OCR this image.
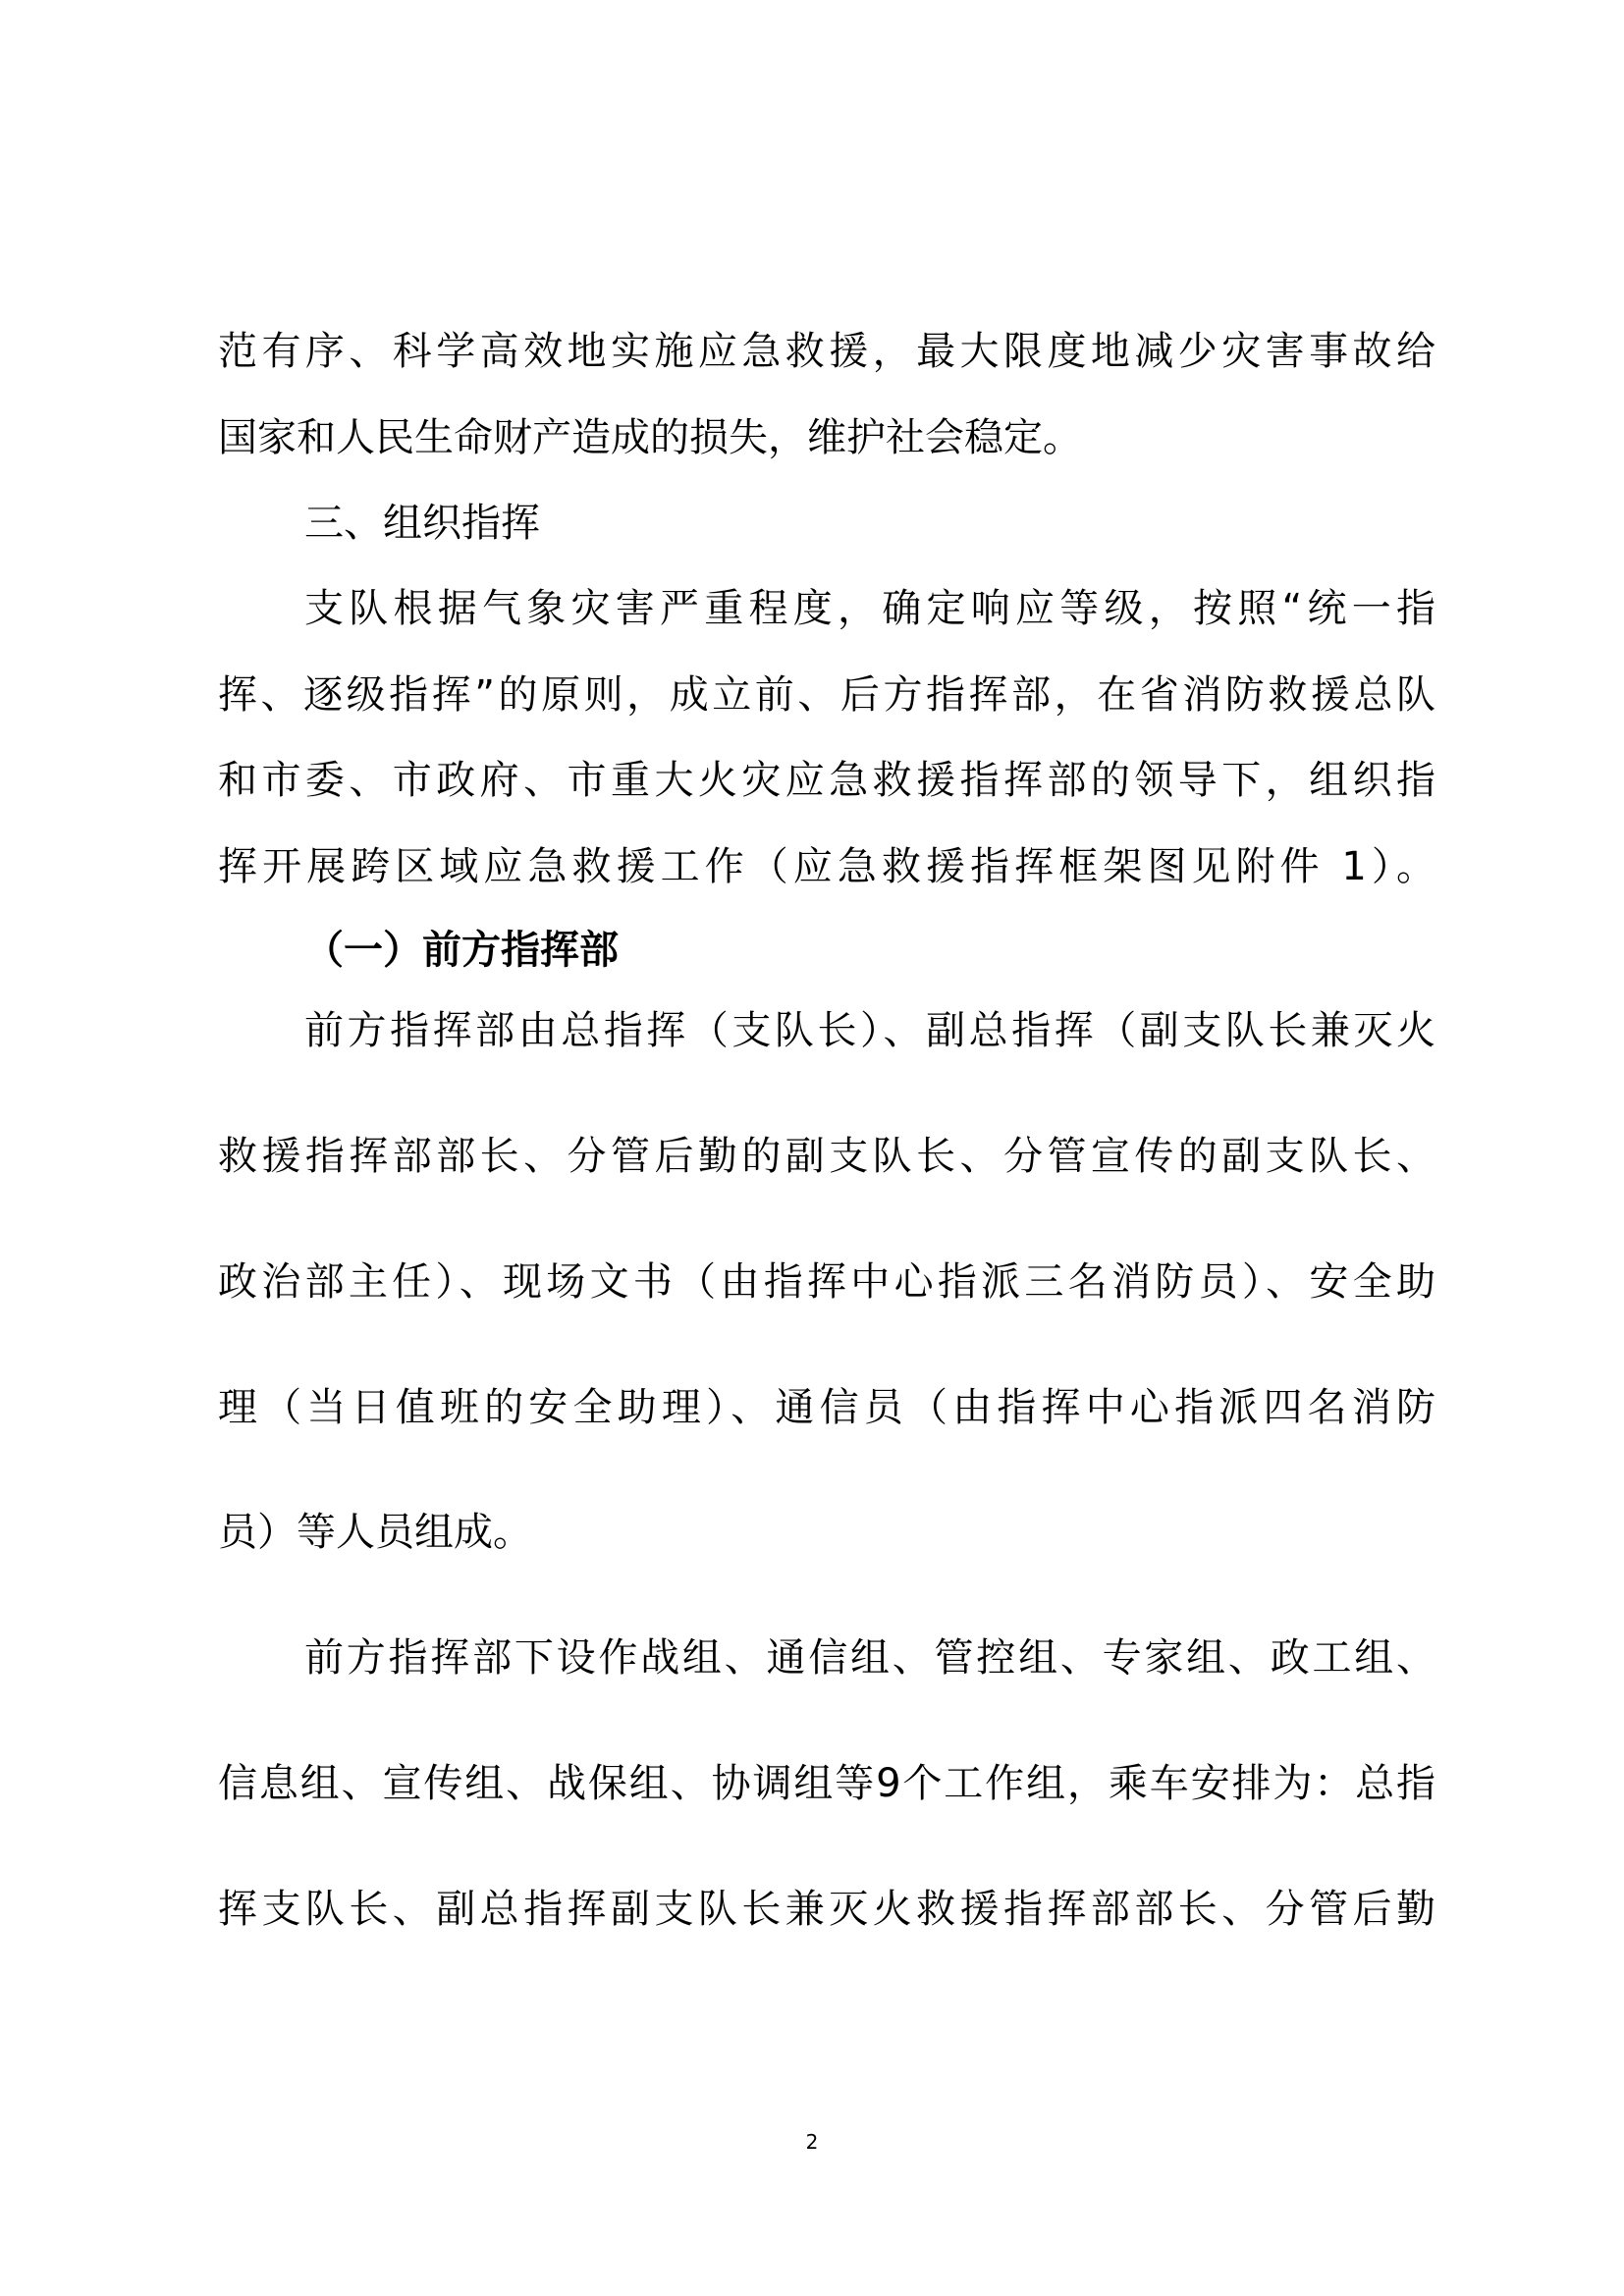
范有序、科学高效地实施应急救援，最大限度地减少灾害事故给
国家和人民生命财产造成的损失，维护社会稳定。
三、组织指挥
支队根据气象灾害严重程度，确定响应等级，按照“统一指
挥、逐级指挥”的原则，成立前、后方指挥部，在省消防救援总队
和市委、市政府、市重大火灾应急救援指挥部的领导下，组织指
挥开展跨区域应急救援工作（应急救援指挥框架图见附件 1）。
（一）前方指挥部
前方指挥部由总指挥（支队长）、副总指挥（副支队长兼灭火
救援指挥部部长、分管后勤的副支队长、分管宣传的副支队长、
政治部主任）、现场文书（由指挥中心指派三名消防员）、安全助
理（当日值班的安全助理）、通信员（由指挥中心指派四名消防
员）等人员组成。
前方指挥部下设作战组、通信组、管控组、专家组、政工组、
信息组、宣传组、战保组、协调组等9个工作组，乘车安排为：总指
挥支队长、副总指挥副支队长兼灭火救援指挥部部长、分管后勤
2
